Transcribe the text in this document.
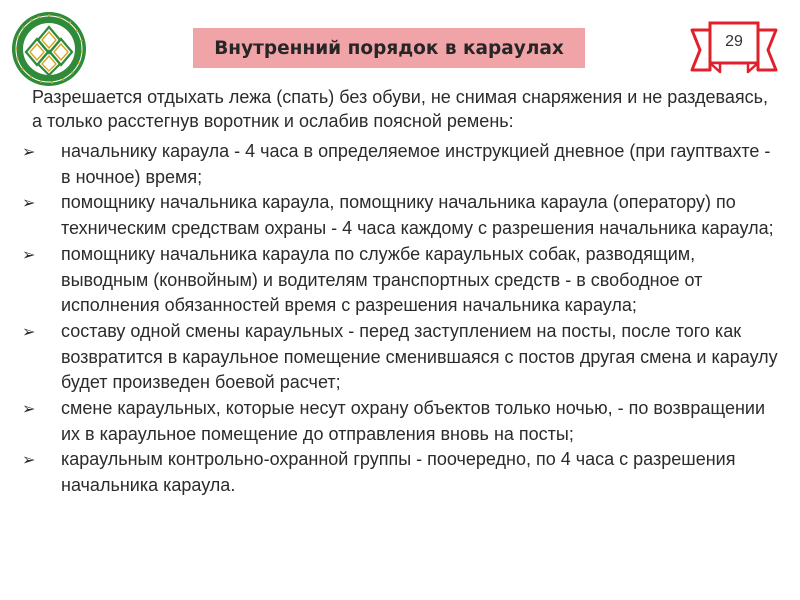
Внутренний порядок в караулах	29

Разрешается отдыхать лежа (спать) без обуви, не снимая снаряжения и не раздеваясь, а только расстегнув воротник и ослабив поясной ремень:

➢ начальнику караула - 4 часа в определяемое инструкцией дневное (при гауптвахте - в ночное) время;
➢ помощнику начальника караула, помощнику начальника караула (оператору) по техническим средствам охраны - 4 часа каждому с разрешения начальника караула;
➢ помощнику начальника караула по службе караульных собак, разводящим, выводным (конвойным) и водителям транспортных средств - в свободное от исполнения обязанностей время с разрешения начальника караула;
➢ составу одной смены караульных - перед заступлением на посты, после того как возвратится в караульное помещение сменившаяся с постов другая смена и караулу будет произведен боевой расчет;
➢ смене караульных, которые несут охрану объектов только ночью, - по возвращении их в караульное помещение до отправления вновь на посты;
➢ караульным контрольно-охранной группы - поочередно, по 4 часа с разрешения начальника караула.
